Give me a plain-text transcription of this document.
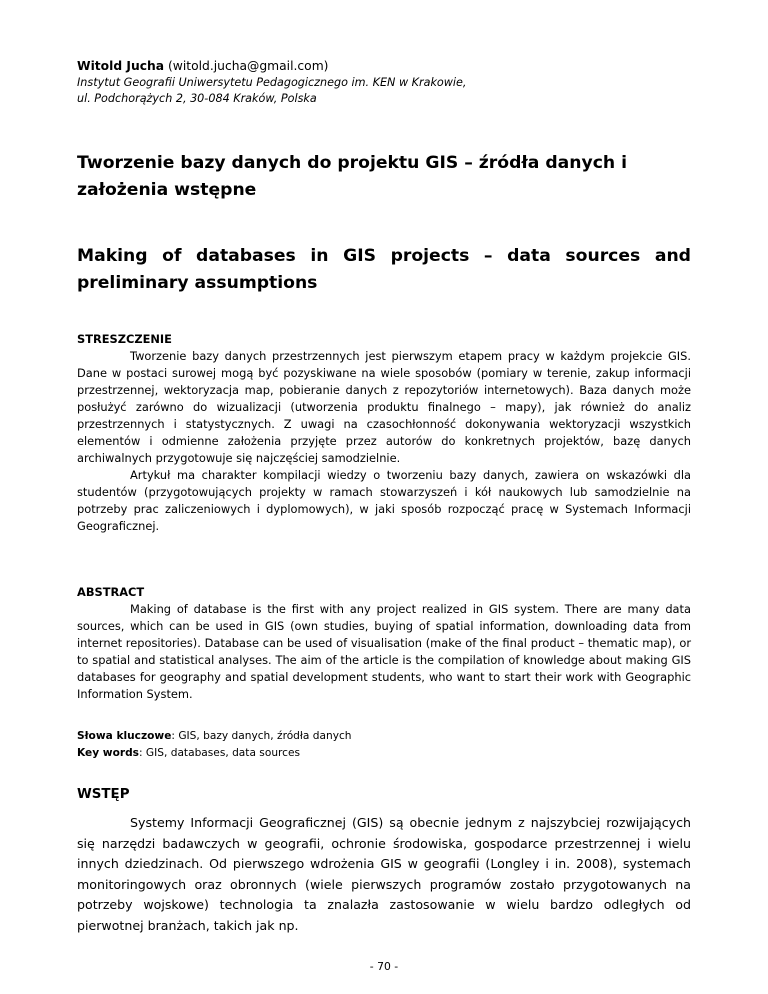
Witold Jucha (witold.jucha@gmail.com)
Instytut Geografii Uniwersytetu Pedagogicznego im. KEN w Krakowie,
ul. Podchorążych 2, 30-084 Kraków, Polska
Tworzenie bazy danych do projektu GIS – źródła danych i założenia wstępne
Making of databases in GIS projects – data sources and preliminary assumptions

STRESZCZENIE

Tworzenie bazy danych przestrzennych jest pierwszym etapem pracy w każdym projekcie GIS. Dane w postaci surowej mogą być pozyskiwane na wiele sposobów (pomiary w terenie, zakup informacji przestrzennej, wektoryzacja map, pobieranie danych z repozytoriów internetowych). Baza danych może posłużyć zarówno do wizualizacji (utworzenia produktu finalnego – mapy), jak również do analiz przestrzennych i statystycznych. Z uwagi na czasochłonność dokonywania wektoryzacji wszystkich elementów i odmienne założenia przyjęte przez autorów do konkretnych projektów, bazę danych archiwalnych przygotowuje się najczęściej samodzielnie.

Artykuł ma charakter kompilacji wiedzy o tworzeniu bazy danych, zawiera on wskazówki dla studentów (przygotowujących projekty w ramach stowarzyszeń i kół naukowych lub samodzielnie na potrzeby prac zaliczeniowych i dyplomowych), w jaki sposób rozpocząć pracę w Systemach Informacji Geograficznej.

ABSTRACT

Making of database is the first with any project realized in GIS system. There are many data sources, which can be used in GIS (own studies, buying of spatial information, downloading data from internet repositories). Database can be used of visualisation (make of the final product – thematic map), or to spatial and statistical analyses. The aim of the article is the compilation of knowledge about making GIS databases for geography and spatial development students, who want to start their work with Geographic Information System.

Słowa kluczowe: GIS, bazy danych, źródła danych
Key words: GIS, databases, data sources
WSTĘP

Systemy Informacji Geograficznej (GIS) są obecnie jednym z najszybciej rozwijających się narzędzi badawczych w geografii, ochronie środowiska, gospodarce przestrzennej i wielu innych dziedzinach. Od pierwszego wdrożenia GIS w geografii (Longley i in. 2008), systemach monitoringowych oraz obronnych (wiele pierwszych programów zostało przygotowanych na potrzeby wojskowe) technologia ta znalazła zastosowanie w wielu bardzo odległych od pierwotnej branżach, takich jak np.

- 70 -
